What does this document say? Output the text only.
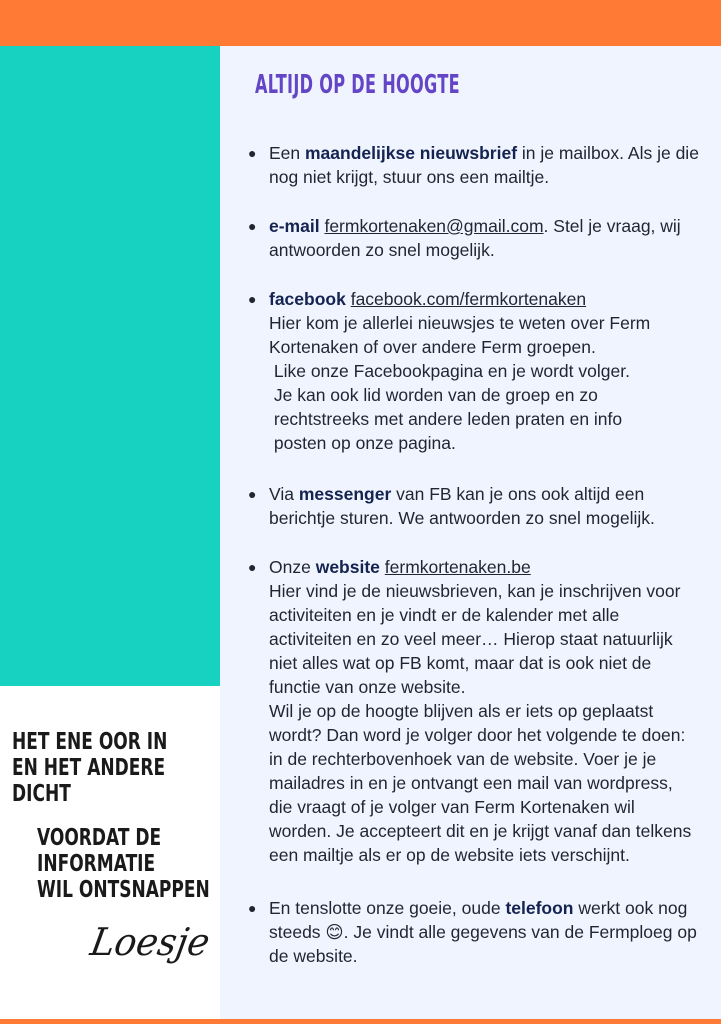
ALTIJD OP DE HOOGTE
● Een maandelijkse nieuwsbrief in je mailbox. Als je die
nog niet krijgt, stuur ons een mailtje.
● e-mail fermkortenaken@gmail.com. Stel je vraag, wij
antwoorden zo snel mogelijk.
● facebook facebook.com/fermkortenaken
Hier kom je allerlei nieuwsjes te weten over Ferm
Kortenaken of over andere Ferm groepen.
Like onze Facebookpagina en je wordt volger.
Je kan ook lid worden van de groep en zo
rechtstreeks met andere leden praten en info
posten op onze pagina.
● Via messenger van FB kan je ons ook altijd een
berichtje sturen. We antwoorden zo snel mogelijk.
● Onze website fermkortenaken.be
Hier vind je de nieuwsbrieven, kan je inschrijven voor
activiteiten en je vindt er de kalender met alle
activiteiten en zo veel meer… Hierop staat natuurlijk
niet alles wat op FB komt, maar dat is ook niet de
functie van onze website.
Wil je op de hoogte blijven als er iets op geplaatst
wordt? Dan word je volger door het volgende te doen:
in de rechterbovenhoek van de website. Voer je je
mailadres in en je ontvangt een mail van wordpress,
die vraagt of je volger van Ferm Kortenaken wil
worden. Je accepteert dit en je krijgt vanaf dan telkens
een mailtje als er op de website iets verschijnt.
● En tenslotte onze goeie, oude telefoon werkt ook nog
steeds 😊. Je vindt alle gegevens van de Fermploeg op
de website.
HET ENE OOR IN
EN HET ANDERE
DICHT
VOORDAT DE
INFORMATIE
WIL ONTSNAPPEN
Loesje
